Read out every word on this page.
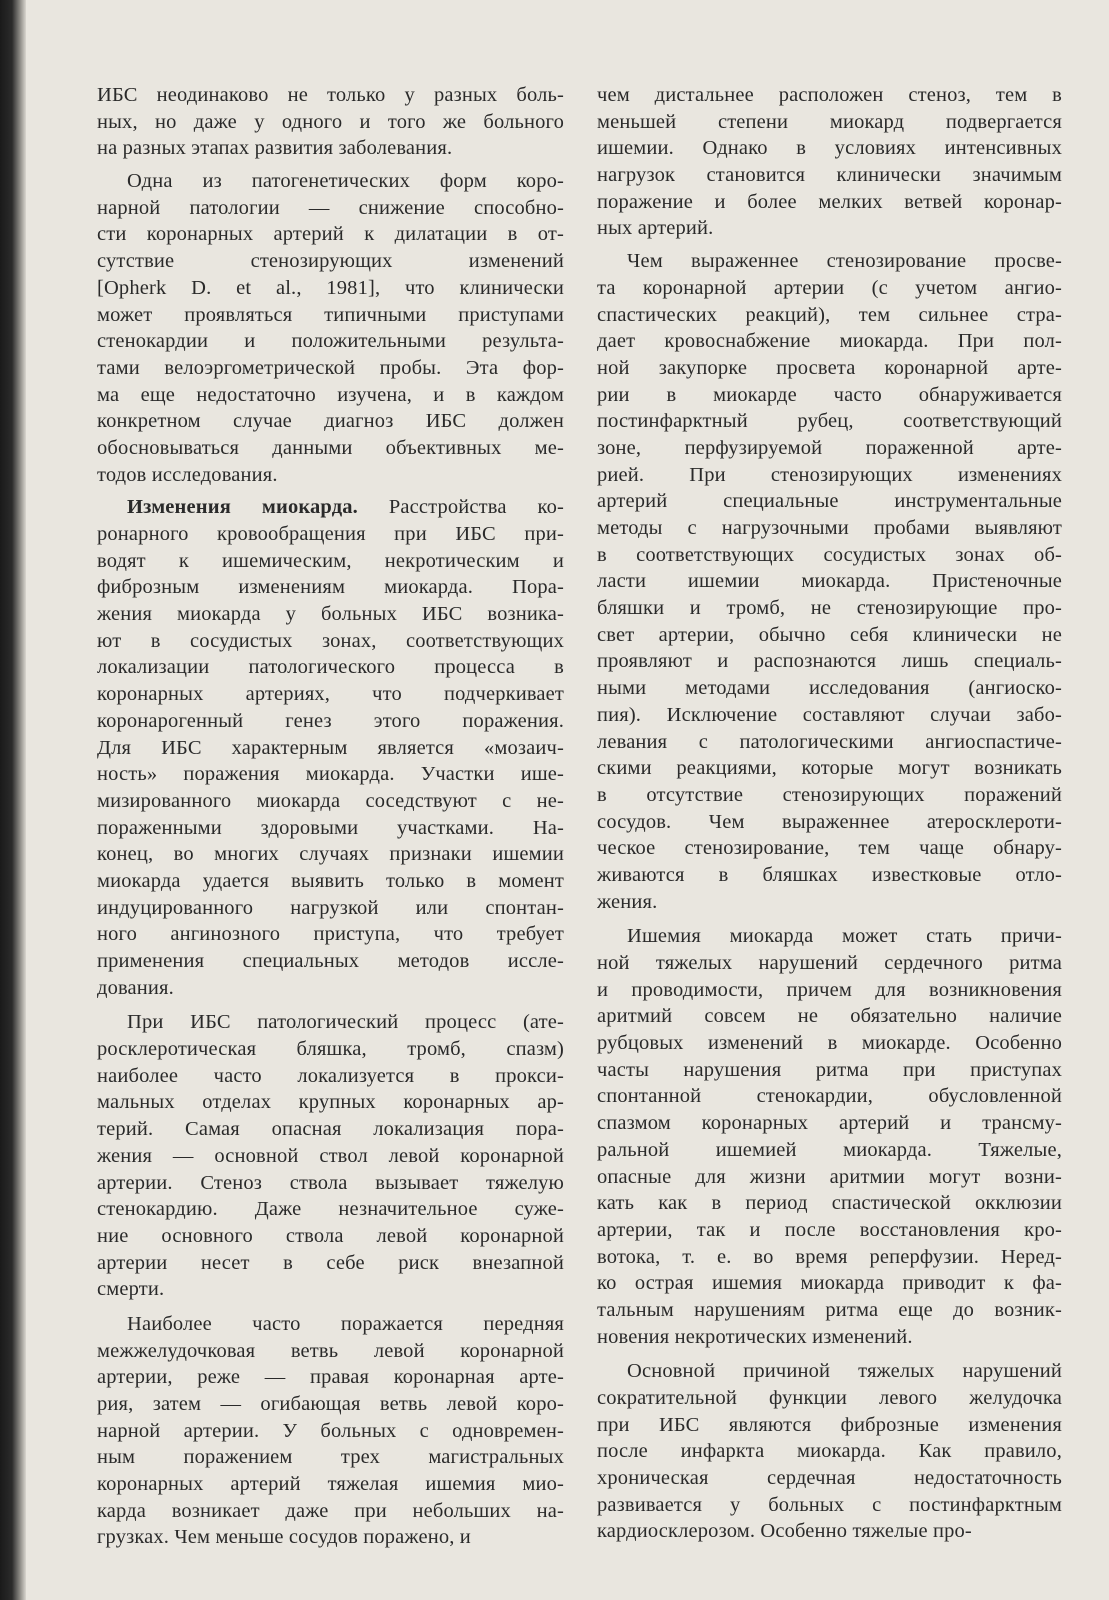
ИБС неодинаково не только у разных боль-
ных, но даже у одного и того же больного
на разных этапах развития заболевания.
Одна из патогенетических форм коро-
нарной патологии — снижение способно-
сти коронарных артерий к дилатации в от-
сутствие стенозирующих изменений
[Opherk D. et al., 1981], что клинически
может проявляться типичными приступами
стенокардии и положительными результа-
тами велоэргометрической пробы. Эта фор-
ма еще недостаточно изучена, и в каждом
конкретном случае диагноз ИБС должен
обосновываться данными объективных ме-
тодов исследования.
Изменения миокарда. Расстройства ко-
ронарного кровообращения при ИБС при-
водят к ишемическим, некротическим и
фиброзным изменениям миокарда. Пора-
жения миокарда у больных ИБС возника-
ют в сосудистых зонах, соответствующих
локализации патологического процесса в
коронарных артериях, что подчеркивает
коронарогенный генез этого поражения.
Для ИБС характерным является «мозаич-
ность» поражения миокарда. Участки ише-
мизированного миокарда соседствуют с не-
пораженными здоровыми участками. На-
конец, во многих случаях признаки ишемии
миокарда удается выявить только в момент
индуцированного нагрузкой или спонтан-
ного ангинозного приступа, что требует
применения специальных методов иссле-
дования.
При ИБС патологический процесс (ате-
росклеротическая бляшка, тромб, спазм)
наиболее часто локализуется в прокси-
мальных отделах крупных коронарных ар-
терий. Самая опасная локализация пора-
жения — основной ствол левой коронарной
артерии. Стеноз ствола вызывает тяжелую
стенокардию. Даже незначительное суже-
ние основного ствола левой коронарной
артерии несет в себе риск внезапной
смерти.
Наиболее часто поражается передняя
межжелудочковая ветвь левой коронарной
артерии, реже — правая коронарная арте-
рия, затем — огибающая ветвь левой коро-
нарной артерии. У больных с одновремен-
ным поражением трех магистральных
коронарных артерий тяжелая ишемия мио-
карда возникает даже при небольших на-
грузках. Чем меньше сосудов поражено, и
чем дистальнее расположен стеноз, тем в
меньшей степени миокард подвергается
ишемии. Однако в условиях интенсивных
нагрузок становится клинически значимым
поражение и более мелких ветвей коронар-
ных артерий.
Чем выраженнее стенозирование просве-
та коронарной артерии (с учетом ангио-
спастических реакций), тем сильнее стра-
дает кровоснабжение миокарда. При пол-
ной закупорке просвета коронарной арте-
рии в миокарде часто обнаруживается
постинфарктный рубец, соответствующий
зоне, перфузируемой пораженной арте-
рией. При стенозирующих изменениях
артерий специальные инструментальные
методы с нагрузочными пробами выявляют
в соответствующих сосудистых зонах об-
ласти ишемии миокарда. Пристеночные
бляшки и тромб, не стенозирующие про-
свет артерии, обычно себя клинически не
проявляют и распознаются лишь специаль-
ными методами исследования (ангиоско-
пия). Исключение составляют случаи забо-
левания с патологическими ангиоспастиче-
скими реакциями, которые могут возникать
в отсутствие стенозирующих поражений
сосудов. Чем выраженнее атеросклероти-
ческое стенозирование, тем чаще обнару-
живаются в бляшках известковые отло-
жения.
Ишемия миокарда может стать причи-
ной тяжелых нарушений сердечного ритма
и проводимости, причем для возникновения
аритмий совсем не обязательно наличие
рубцовых изменений в миокарде. Особенно
часты нарушения ритма при приступах
спонтанной стенокардии, обусловленной
спазмом коронарных артерий и трансму-
ральной ишемией миокарда. Тяжелые,
опасные для жизни аритмии могут возни-
кать как в период спастической окклюзии
артерии, так и после восстановления кро-
вотока, т. е. во время реперфузии. Неред-
ко острая ишемия миокарда приводит к фа-
тальным нарушениям ритма еще до возник-
новения некротических изменений.
Основной причиной тяжелых нарушений
сократительной функции левого желудочка
при ИБС являются фиброзные изменения
после инфаркта миокарда. Как правило,
хроническая сердечная недостаточность
развивается у больных с постинфарктным
кардиосклерозом. Особенно тяжелые про-
